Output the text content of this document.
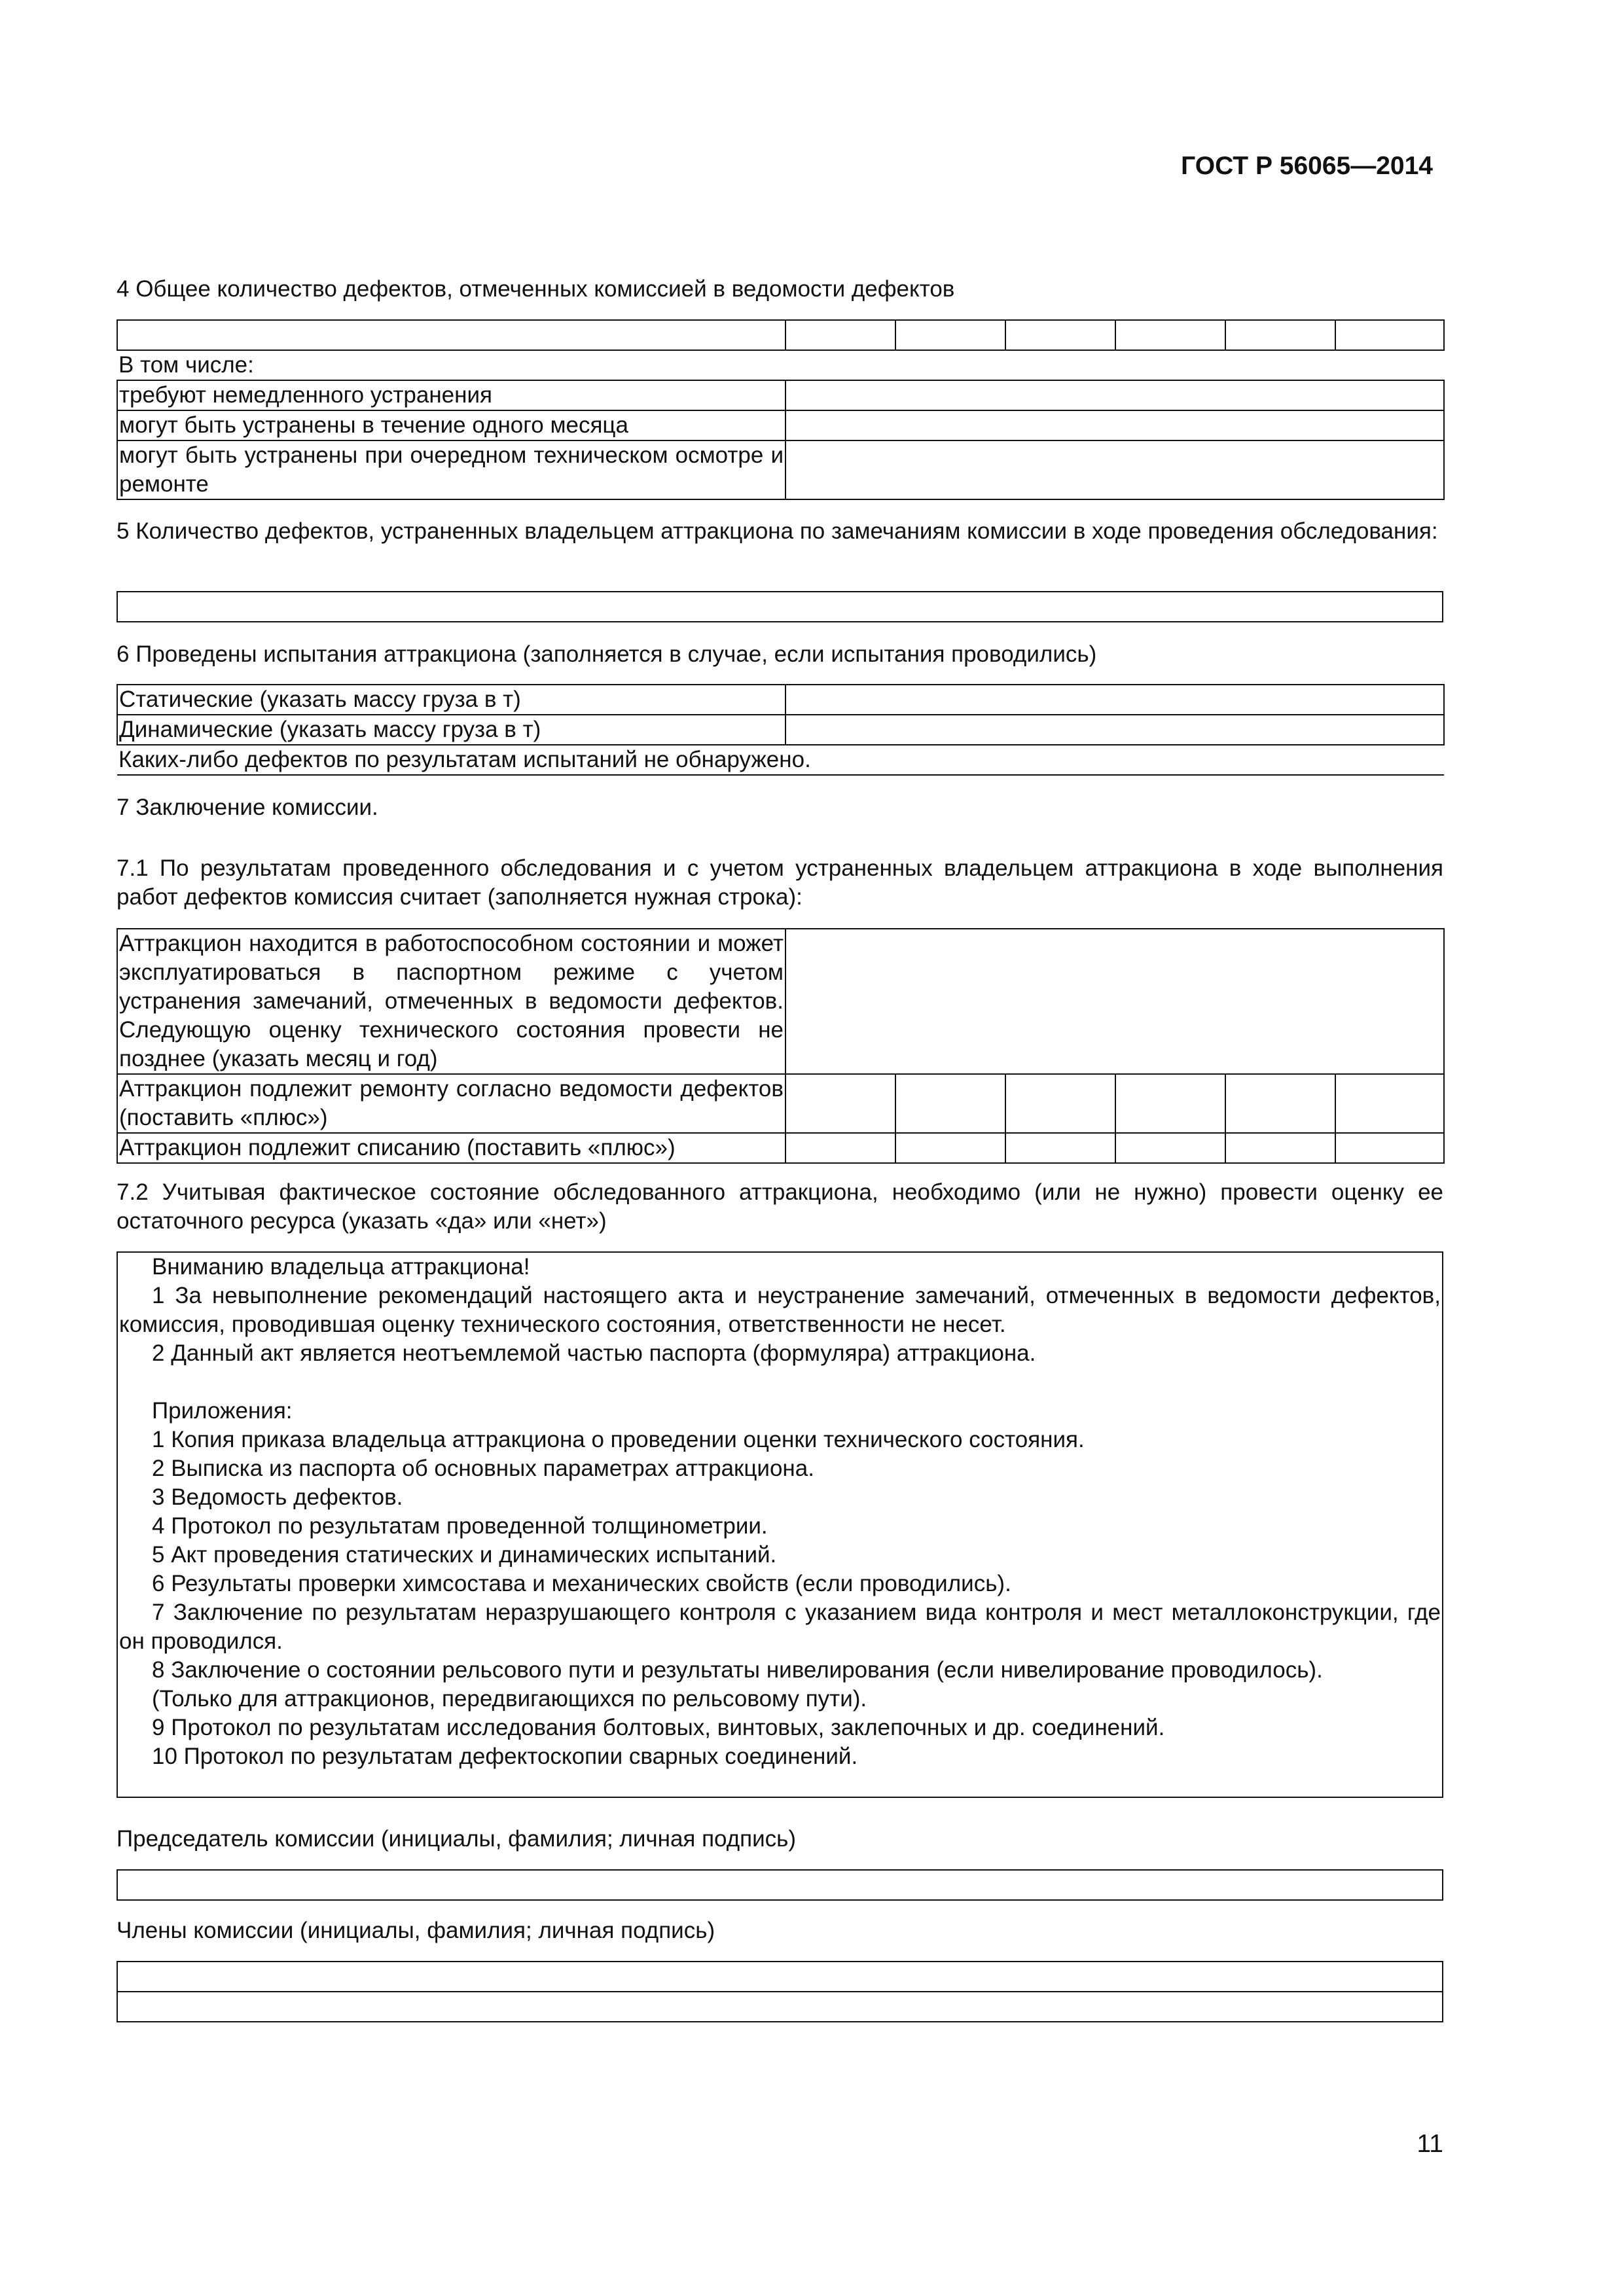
ГОСТ Р 56065—2014
4 Общее количество дефектов, отмеченных комиссией в ведомости дефектов

В том числе:						
требуют немедленного устранения						
могут быть устранены в течение одного месяца						
могут быть устранены при очередном техническом осмотре и ремонте						
5 Количество дефектов, устраненных владельцем аттракциона по замечаниям комиссии в ходе проведения обследования:
6 Проведены испытания аттракциона (заполняется в случае, если испытания проводились)
Статические (указать массу груза в т)	
Динамические (указать массу груза в т)	
Каких-либо дефектов по результатам испытаний не обнаружено.	
7 Заключение комиссии.
7.1 По результатам проведенного обследования и с учетом устраненных владельцем аттракциона в ходе выполнения работ дефектов комиссия считает (заполняется нужная строка):
Аттракцион находится в работоспособном состоянии и может эксплуатироваться в паспортном режиме с учетом устранения замечаний, отмеченных в ведомости дефектов. Следующую оценку технического состояния провести не позднее (указать месяц и год)						
Аттракцион подлежит ремонту согласно ведомости дефектов (поставить «плюс»)						
Аттракцион подлежит списанию (поставить «плюс»)						
7.2 Учитывая фактическое состояние обследованного аттракциона, необходимо (или не нужно) провести оценку ее остаточного ресурса (указать «да» или «нет»)

Вниманию владельца аттракциона!

1 За невыполнение рекомендаций настоящего акта и неустранение замечаний, отмеченных в ведомости дефектов, комиссия, проводившая оценку технического состояния, ответственности не несет.

2 Данный акт является неотъемлемой частью паспорта (формуляра) аттракциона.

Приложения:

1 Копия приказа владельца аттракциона о проведении оценки технического состояния.

2 Выписка из паспорта об основных параметрах аттракциона.

3 Ведомость дефектов.

4 Протокол по результатам проведенной толщинометрии.

5 Акт проведения статических и динамических испытаний.

6 Результаты проверки химсостава и механических свойств (если проводились).

7 Заключение по результатам неразрушающего контроля с указанием вида контроля и мест металлоконструкции, где он проводился.

8 Заключение о состоянии рельсового пути и результаты нивелирования (если нивелирование проводилось).

(Только для аттракционов, передвигающихся по рельсовому пути).

9 Протокол по результатам исследования болтовых, винтовых, заклепочных и др. соединений.

10 Протокол по результатам дефектоскопии сварных соединений.

Председатель комиссии (инициалы, фамилия; личная подпись)
Члены комиссии (инициалы, фамилия; личная подпись)

11
